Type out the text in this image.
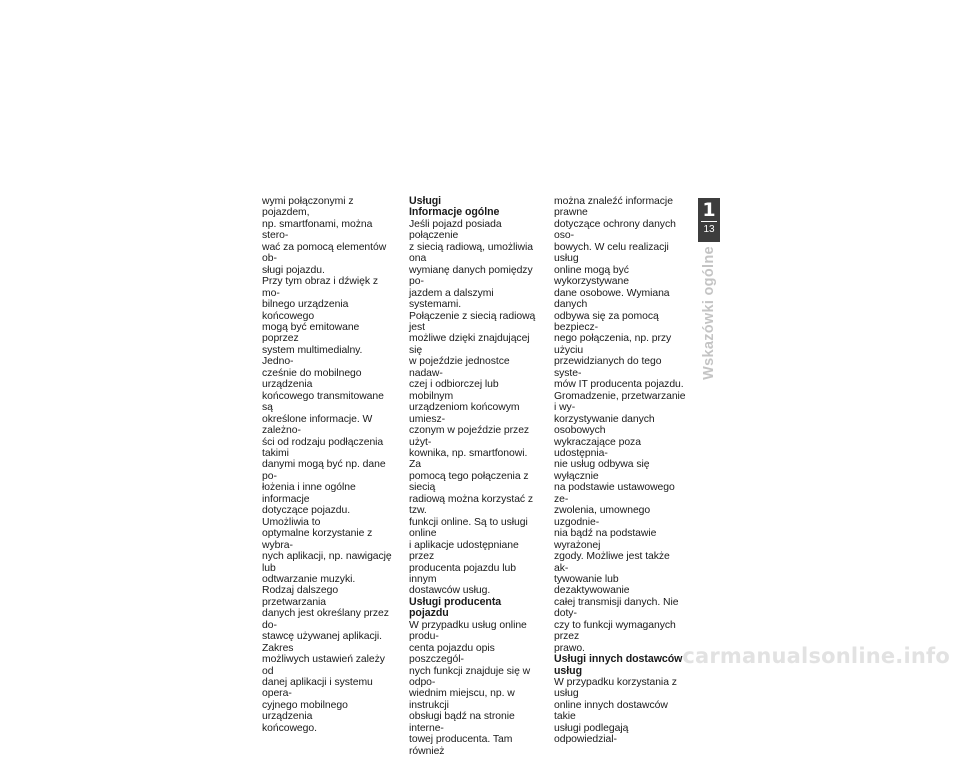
wymi połączonymi z pojazdem,
np. smartfonami, można stero-
wać za pomocą elementów ob-
sługi pojazdu.

Przy tym obraz i dźwięk z mo-
bilnego urządzenia końcowego
mogą być emitowane poprzez
system multimedialny. Jedno-
cześnie do mobilnego urządzenia
końcowego transmitowane są
określone informacje. W zależno-
ści od rodzaju podłączenia takimi
danymi mogą być np. dane po-
łożenia i inne ogólne informacje
dotyczące pojazdu. Umożliwia to
optymalne korzystanie z wybra-
nych aplikacji, np. nawigację lub
odtwarzanie muzyki.

Rodzaj dalszego przetwarzania
danych jest określany przez do-
stawcę używanej aplikacji. Zakres
możliwych ustawień zależy od
danej aplikacji i systemu opera-
cyjnego mobilnego urządzenia
końcowego.

Usługi
Informacje ogólne

Jeśli pojazd posiada połączenie
z siecią radiową, umożliwia ona
wymianę danych pomiędzy po-
jazdem a dalszymi systemami.
Połączenie z siecią radiową jest
możliwe dzięki znajdującej się
w pojeździe jednostce nadaw-
czej i odbiorczej lub mobilnym
urządzeniom końcowym umiesz-
czonym w pojeździe przez użyt-
kownika, np. smartfonowi. Za
pomocą tego połączenia z siecią
radiową można korzystać z tzw.
funkcji online. Są to usługi online
i aplikacje udostępniane przez
producenta pojazdu lub innym
dostawców usług.

Usługi producenta pojazdu

W przypadku usług online produ-
centa pojazdu opis poszczegól-
nych funkcji znajduje się w odpo-
wiednim miejscu, np. w instrukcji
obsługi bądź na stronie interne-
towej producenta. Tam również

można znaleźć informacje prawne
dotyczące ochrony danych oso-
bowych. W celu realizacji usług
online mogą być wykorzystywane
dane osobowe. Wymiana danych
odbywa się za pomocą bezpiecz-
nego połączenia, np. przy użyciu
przewidzianych do tego syste-
mów IT producenta pojazdu.

Gromadzenie, przetwarzanie i wy-
korzystywanie danych osobowych
wykraczające poza udostępnia-
nie usług odbywa się wyłącznie
na podstawie ustawowego ze-
zwolenia, umownego uzgodnie-
nia bądź na podstawie wyrażonej
zgody. Możliwe jest także ak-
tywowanie lub dezaktywowanie
całej transmisji danych. Nie doty-
czy to funkcji wymaganych przez
prawo.

Usługi innych dostawców
usług

W przypadku korzystania z usług
online innych dostawców takie
usługi podlegają odpowiedzial-

1
13
Wskazówki ogólne
carmanualsonline.info
